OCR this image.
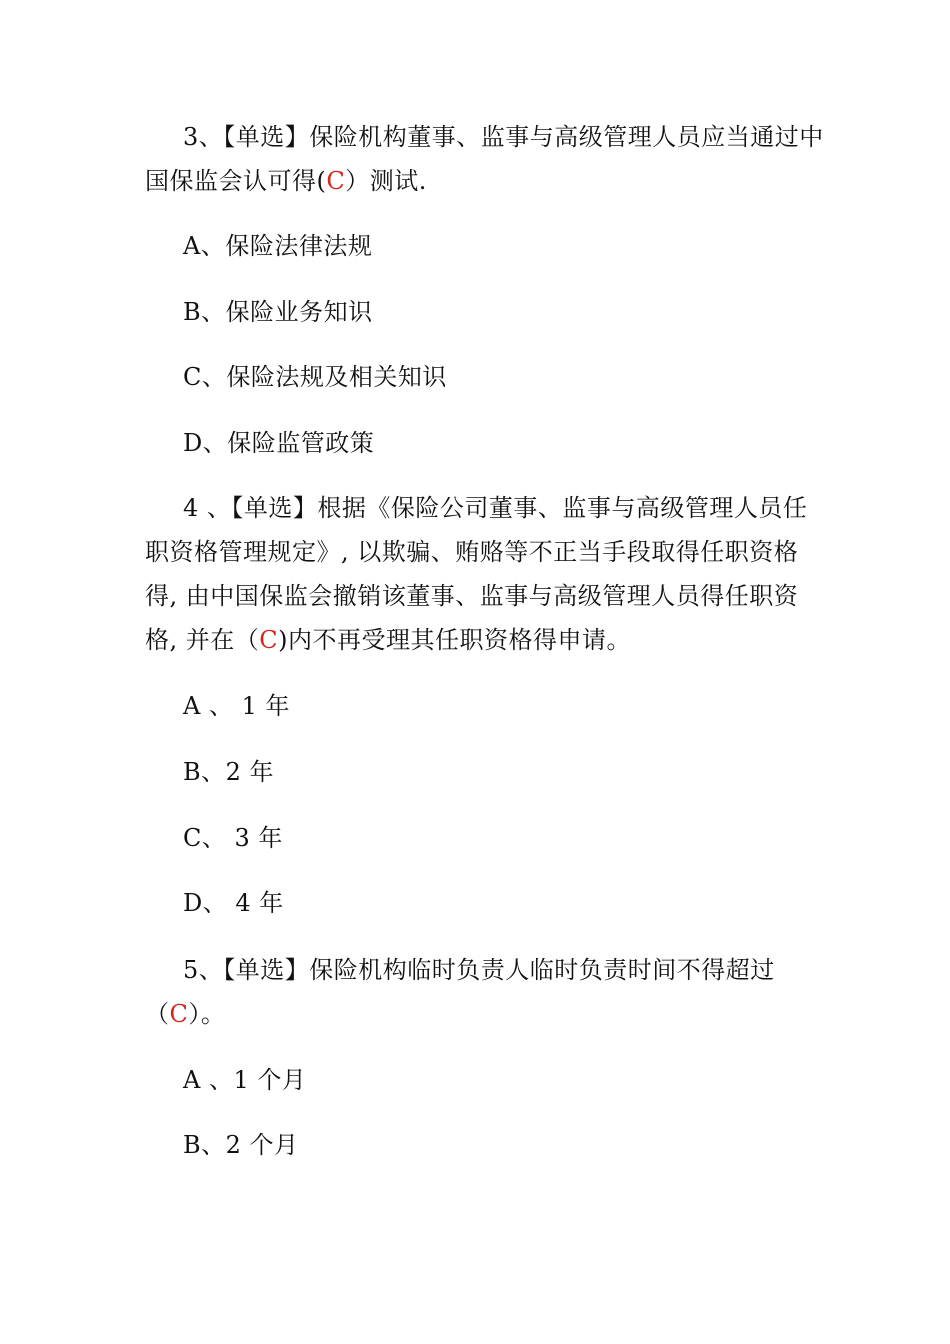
3、【单选】保险机构董事、监事与高级管理人员应当通过中国保监会认可得(C）测试.
A、保险法律法规
B、保险业务知识
C、保险法规及相关知识
D、保险监管政策
4 、【单选】根据《保险公司董事、监事与高级管理人员任职资格管理规定》, 以欺骗、贿赂等不正当手段取得任职资格得, 由中国保监会撤销该董事、监事与高级管理人员得任职资格, 并在（C)内不再受理其任职资格得申请。
A 、 1 年
B、2 年
C、 3 年
D、 4 年
5、【单选】保险机构临时负责人临时负责时间不得超过（C）。
A 、1 个月
B、2 个月
